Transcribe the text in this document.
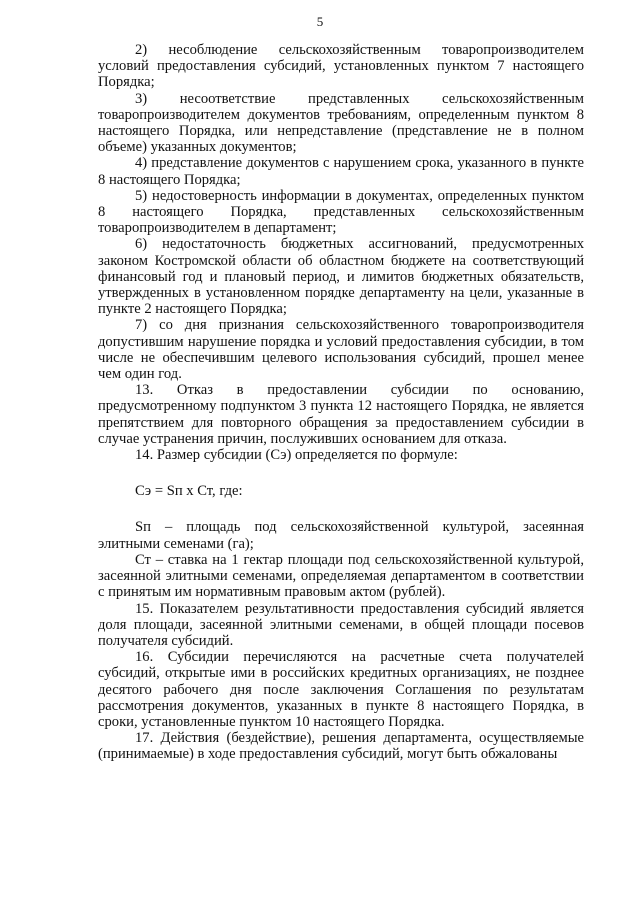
5

2) несоблюдение сельскохозяйственным товаропроизводителем условий предоставления субсидий, установленных пунктом 7 настоящего Порядка;

3) несоответствие представленных сельскохозяйственным товаропроизводителем документов требованиям, определенным пунктом 8 настоящего Порядка, или непредставление (представление не в полном объеме) указанных документов;

4) представление документов с нарушением срока, указанного в пункте 8 настоящего Порядка;

5) недостоверность информации в документах, определенных пунктом 8 настоящего Порядка, представленных сельскохозяйственным товаропроизводителем в департамент;

6) недостаточность бюджетных ассигнований, предусмотренных законом Костромской области об областном бюджете на соответствующий финансовый год и плановый период, и лимитов бюджетных обязательств, утвержденных в установленном порядке департаменту на цели, указанные в пункте 2 настоящего Порядка;

7) со дня признания сельскохозяйственного товаропроизводителя допустившим нарушение порядка и условий предоставления субсидии, в том числе не обеспечившим целевого использования субсидий, прошел менее чем один год.

13. Отказ в предоставлении субсидии по основанию, предусмотренному подпунктом 3 пункта 12 настоящего Порядка, не является препятствием для повторного обращения за предоставлением субсидии в случае устранения причин, послуживших основанием для отказа.

14. Размер субсидии (Сэ) определяется по формуле:

Сэ = Sп x Ст, где:

Sп – площадь под сельскохозяйственной культурой, засеянная элитными семенами (га);

Ст – ставка на 1 гектар площади под сельскохозяйственной культурой, засеянной элитными семенами, определяемая департаментом в соответствии с принятым им нормативным правовым актом (рублей).

15. Показателем результативности предоставления субсидий является доля площади, засеянной элитными семенами, в общей площади посевов получателя субсидий.

16. Субсидии перечисляются на расчетные счета получателей субсидий, открытые ими в российских кредитных организациях, не позднее десятого рабочего дня после заключения Соглашения по результатам рассмотрения документов, указанных в пункте 8 настоящего Порядка, в сроки, установленные пунктом 10 настоящего Порядка.

17. Действия (бездействие), решения департамента, осуществляемые (принимаемые) в ходе предоставления субсидий, могут быть обжалованы
